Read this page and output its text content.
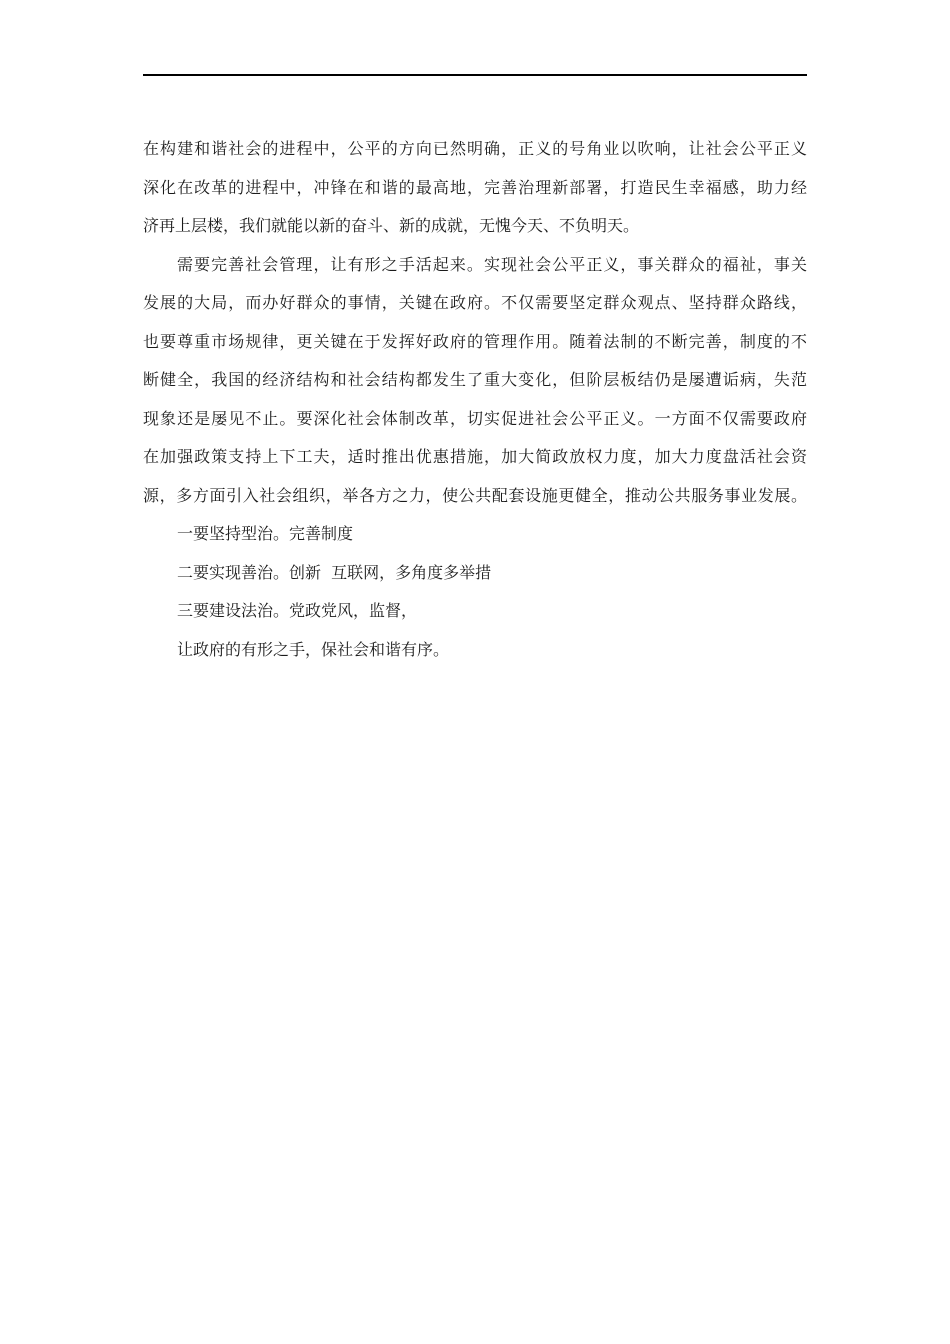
在构建和谐社会的进程中，公平的方向已然明确，正义的号角业以吹响，让社会公平正义
深化在改革的进程中，冲锋在和谐的最高地，完善治理新部署，打造民生幸福感，助力经
济再上层楼，我们就能以新的奋斗、新的成就，无愧今天、不负明天。
需要完善社会管理，让有形之手活起来。实现社会公平正义，事关群众的福祉，事关
发展的大局，而办好群众的事情，关键在政府。不仅需要坚定群众观点、坚持群众路线，
也要尊重市场规律，更关键在于发挥好政府的管理作用。随着法制的不断完善，制度的不
断健全，我国的经济结构和社会结构都发生了重大变化，但阶层板结仍是屡遭诟病，失范
现象还是屡见不止。要深化社会体制改革，切实促进社会公平正义。一方面不仅需要政府
在加强政策支持上下工夫，适时推出优惠措施，加大简政放权力度，加大力度盘活社会资
源，多方面引入社会组织，举各方之力，使公共配套设施更健全，推动公共服务事业发展。
一要坚持型治。完善制度
二要实现善治。创新  互联网，多角度多举措
三要建设法治。党政党风，监督，
让政府的有形之手，保社会和谐有序。
